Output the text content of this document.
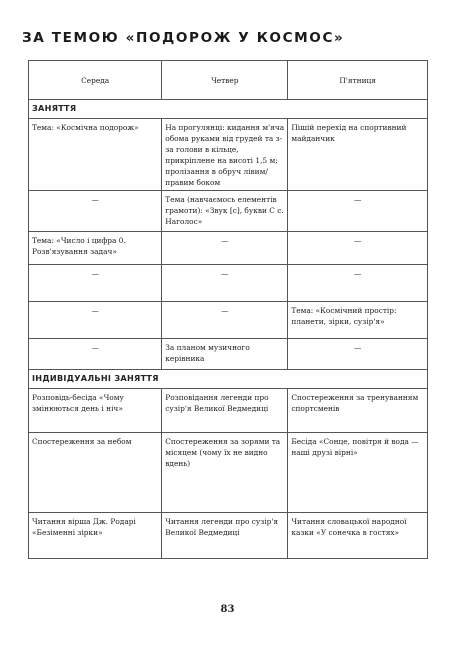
ЗА ТЕМОЮ «ПОДОРОЖ У КОСМОС»
Середа	Четвер	П'ятниця
ЗАНЯТТЯ		
Тема: «Космічна подорож»	На прогулянці: кидання м'яча обома руками від грудей та з-за голови в кільце, прикріплене на висоті 1,5 м; пролізання в обруч лівим/правим боком	Пішій перехід на спортивний майданчик
—	Тема (навчаємось елементів грамоти): «Звук [с], букви С с. Наголос»	—
Тема: «Число і цифра 0. Розв'язування задач»	—	—
—	—	—
—	—	Тема: «Космічний простір: планети, зірки, сузір'я»
—	За планом музичного керівника	—
ІНДИВІДУАЛЬНІ ЗАНЯТТЯ		
Розповідь-бесіда «Чому змінюються день і ніч»	Розповідання легенди про сузір'я Великої Ведмедиці	Спостереження за тренуванням спортсменів
Спостереження за небом	Спостереження за зорями та місяцем (чому їх не видно вдень)	Бесіда «Сонце, повітря й вода — наші друзі вірні»
Читання вірша Дж. Родарі «Безіменні зірки»	Читання легенди про сузір'я Великої Ведмедиці	Читання словацької народної казки «У сонечка в гостях»
83
